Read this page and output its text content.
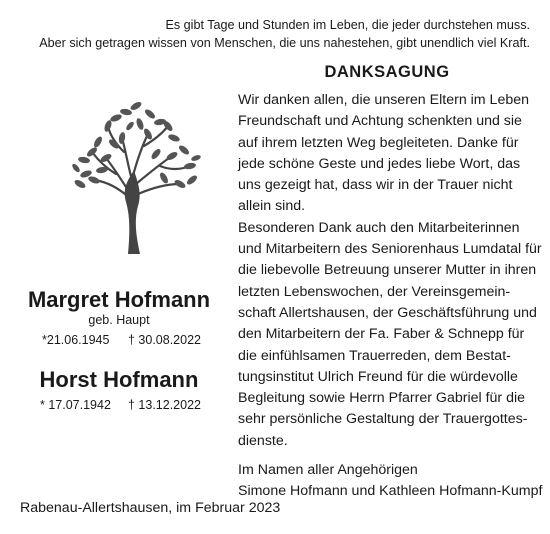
Es gibt Tage und Stunden im Leben, die jeder durchstehen muss.
Aber sich getragen wissen von Menschen, die uns nahestehen, gibt unendlich viel Kraft.
DANKSAGUNG
Margret Hofmann
geb. Haupt
*21.06.1945 † 30.08.2022
Horst Hofmann
* 17.07.1942 † 13.12.2022
Wir danken allen, die unseren Eltern im Leben
Freundschaft und Achtung schenkten und sie
auf ihrem letzten Weg begleiteten. Danke für
jede schöne Geste und jedes liebe Wort, das
uns gezeigt hat, dass wir in der Trauer nicht
allein sind.
Besonderen Dank auch den Mitarbeiterinnen
und Mitarbeitern des Seniorenhaus Lumdatal für
die liebevolle Betreuung unserer Mutter in ihren
letzten Lebenswochen, der Vereinsgemein-
schaft Allertshausen, der Geschäftsführung und
den Mitarbeitern der Fa. Faber & Schnepp für
die einfühlsamen Trauerreden, dem Bestat-
tungsinstitut Ulrich Freund für die würdevolle
Begleitung sowie Herrn Pfarrer Gabriel für die
sehr persönliche Gestaltung der Trauergottes-
dienste.
Im Namen aller Angehörigen
Simone Hofmann und Kathleen Hofmann-Kumpf
Rabenau-Allertshausen, im Februar 2023
